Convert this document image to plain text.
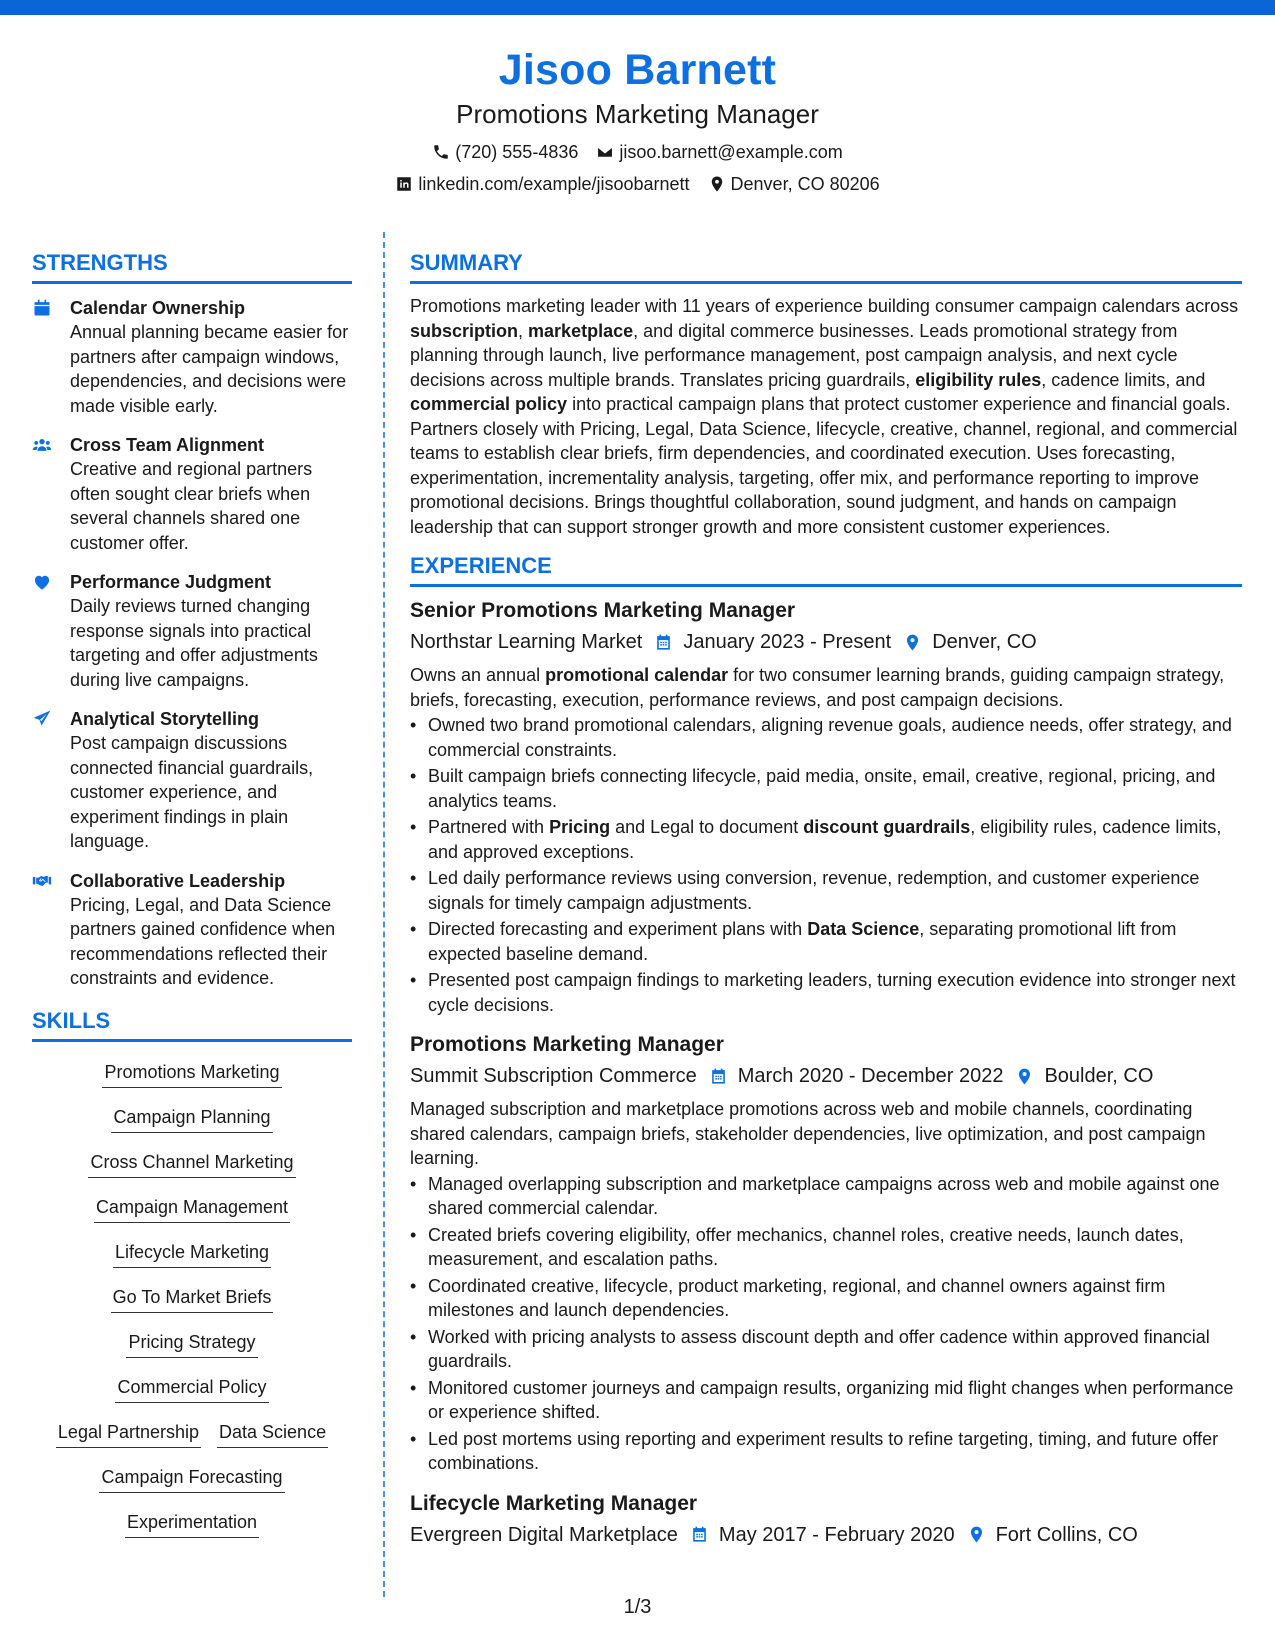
Jisoo Barnett
Promotions Marketing Manager
(720) 555-4836 jisoo.barnett@example.com
linkedin.com/example/jisoobarnett Denver, CO 80206
STRENGTHS
Calendar Ownership
Annual planning became easier for partners after campaign windows, dependencies, and decisions were made visible early.
Cross Team Alignment
Creative and regional partners often sought clear briefs when several channels shared one customer offer.
Performance Judgment
Daily reviews turned changing response signals into practical targeting and offer adjustments during live campaigns.
Analytical Storytelling
Post campaign discussions connected financial guardrails, customer experience, and experiment findings in plain language.
Collaborative Leadership
Pricing, Legal, and Data Science partners gained confidence when recommendations reflected their constraints and evidence.
SKILLS
Promotions Marketing
Campaign Planning
Cross Channel Marketing
Campaign Management
Lifecycle Marketing
Go To Market Briefs
Pricing Strategy
Commercial Policy
Legal Partnership Data Science
Campaign Forecasting
Experimentation
SUMMARY
Promotions marketing leader with 11 years of experience building consumer campaign calendars across subscription, marketplace, and digital commerce businesses. Leads promotional strategy from planning through launch, live performance management, post campaign analysis, and next cycle decisions across multiple brands. Translates pricing guardrails, eligibility rules, cadence limits, and commercial policy into practical campaign plans that protect customer experience and financial goals. Partners closely with Pricing, Legal, Data Science, lifecycle, creative, channel, regional, and commercial teams to establish clear briefs, firm dependencies, and coordinated execution. Uses forecasting, experimentation, incrementality analysis, targeting, offer mix, and performance reporting to improve promotional decisions. Brings thoughtful collaboration, sound judgment, and hands on campaign leadership that can support stronger growth and more consistent customer experiences.
EXPERIENCE
Senior Promotions Marketing Manager
Northstar Learning Market January 2023 - Present Denver, CO
Owns an annual promotional calendar for two consumer learning brands, guiding campaign strategy, briefs, forecasting, execution, performance reviews, and post campaign decisions.
• Owned two brand promotional calendars, aligning revenue goals, audience needs, offer strategy, and commercial constraints.
• Built campaign briefs connecting lifecycle, paid media, onsite, email, creative, regional, pricing, and analytics teams.
• Partnered with Pricing and Legal to document discount guardrails, eligibility rules, cadence limits, and approved exceptions.
• Led daily performance reviews using conversion, revenue, redemption, and customer experience signals for timely campaign adjustments.
• Directed forecasting and experiment plans with Data Science, separating promotional lift from expected baseline demand.
• Presented post campaign findings to marketing leaders, turning execution evidence into stronger next cycle decisions.
Promotions Marketing Manager
Summit Subscription Commerce March 2020 - December 2022 Boulder, CO
Managed subscription and marketplace promotions across web and mobile channels, coordinating shared calendars, campaign briefs, stakeholder dependencies, live optimization, and post campaign learning.
• Managed overlapping subscription and marketplace campaigns across web and mobile against one shared commercial calendar.
• Created briefs covering eligibility, offer mechanics, channel roles, creative needs, launch dates, measurement, and escalation paths.
• Coordinated creative, lifecycle, product marketing, regional, and channel owners against firm milestones and launch dependencies.
• Worked with pricing analysts to assess discount depth and offer cadence within approved financial guardrails.
• Monitored customer journeys and campaign results, organizing mid flight changes when performance or experience shifted.
• Led post mortems using reporting and experiment results to refine targeting, timing, and future offer combinations.
Lifecycle Marketing Manager
Evergreen Digital Marketplace May 2017 - February 2020 Fort Collins, CO
1/3
